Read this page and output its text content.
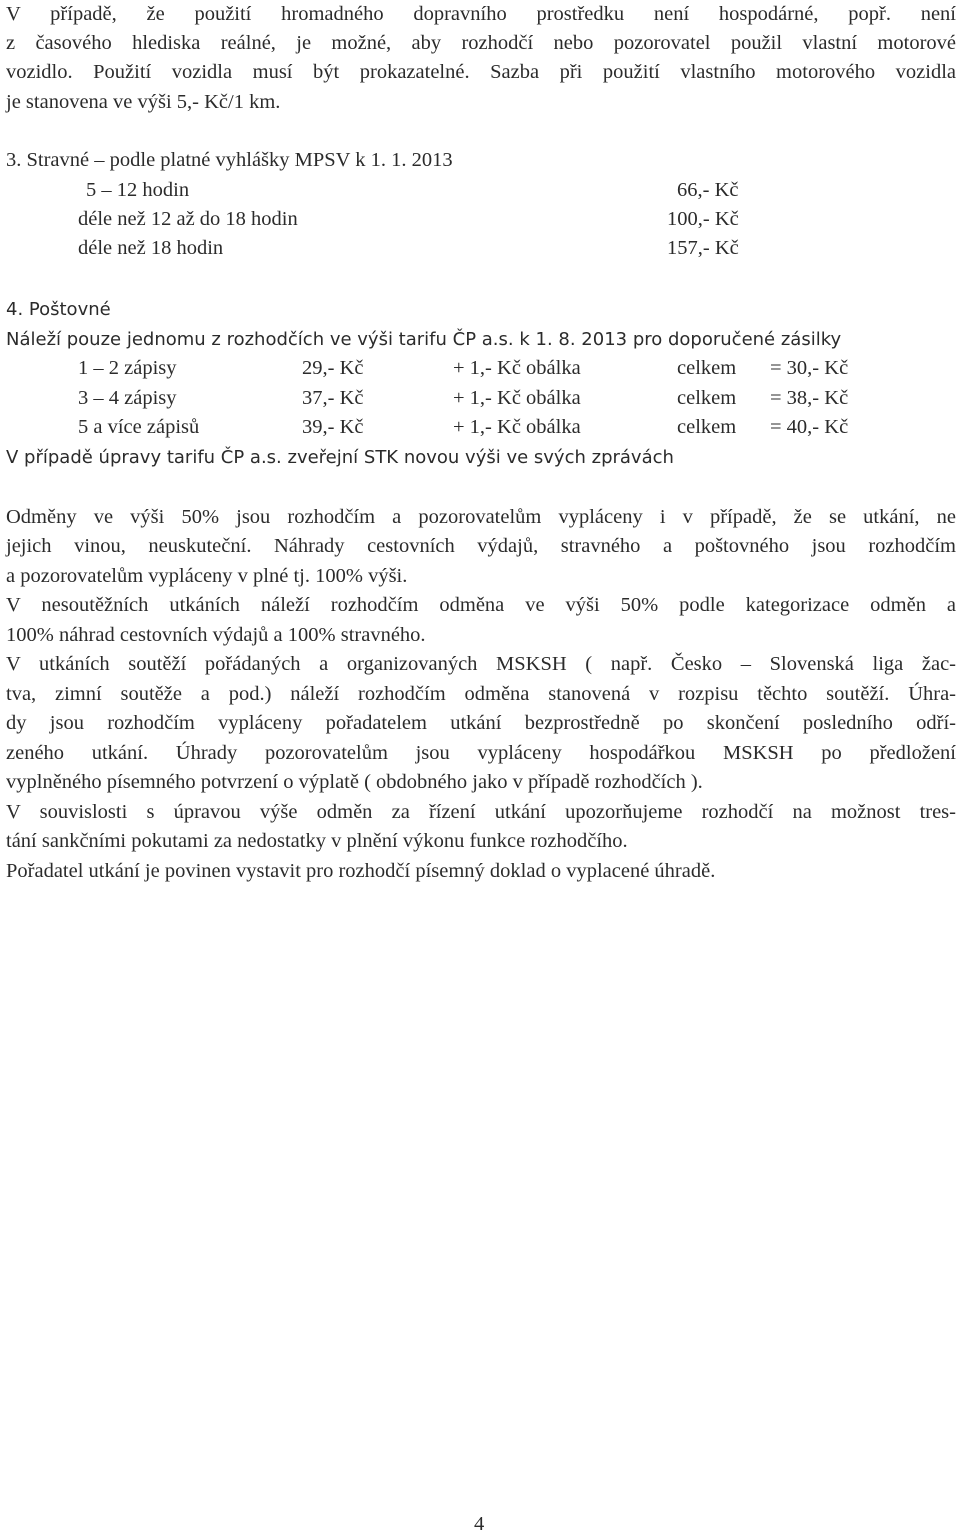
V případě, že použití hromadného dopravního prostředku není hospodárné, popř. není
z časového hlediska reálné, je možné, aby rozhodčí nebo pozorovatel použil vlastní motorové
vozidlo. Použití vozidla musí být prokazatelné. Sazba při použití vlastního motorového vozidla
je stanovena ve výši 5,- Kč/1 km.
3. Stravné – podle platné vyhlášky MPSV k 1. 1. 2013
5 – 12 hodin	66,- Kč
déle než 12 až do 18 hodin	100,- Kč
déle než 18 hodin	157,- Kč
4. Poštovné
Náleží pouze jednomu z rozhodčích ve výši tarifu ČP a.s. k 1. 8. 2013 pro doporučené zásilky
1 – 2 zápisy	29,- Kč	+ 1,- Kč obálka	celkem = 30,- Kč
3 – 4 zápisy	37,- Kč	+ 1,- Kč obálka	celkem = 38,- Kč
5 a více zápisů	39,- Kč	+ 1,- Kč obálka	celkem = 40,- Kč
V případě úpravy tarifu ČP a.s. zveřejní STK novou výši ve svých zprávách
Odměny ve výši 50% jsou rozhodčím a pozorovatelům vypláceny i v případě, že se utkání, ne
jejich vinou, neuskuteční. Náhrady cestovních výdajů, stravného a poštovného jsou rozhodčím
a pozorovatelům vypláceny v plné tj. 100% výši.
V nesoutěžních utkáních náleží rozhodčím odměna ve výši 50% podle kategorizace odměn a
100% náhrad cestovních výdajů a 100% stravného.
V utkáních soutěží pořádaných a organizovaných MSKSH ( např. Česko – Slovenská liga žac-
tva, zimní soutěže a pod.) náleží rozhodčím odměna stanovená v rozpisu těchto soutěží. Úhra-
dy jsou rozhodčím vypláceny pořadatelem utkání bezprostředně po skončení posledního odří-
zeného utkání. Úhrady pozorovatelům jsou vypláceny hospodářkou MSKSH po předložení
vyplněného písemného potvrzení o výplatě ( obdobného jako v případě rozhodčích ).
V souvislosti s úpravou výše odměn za řízení utkání upozorňujeme rozhodčí na možnost tres-
tání sankčními pokutami za nedostatky v plnění výkonu funkce rozhodčího.
Pořadatel utkání je povinen vystavit pro rozhodčí písemný doklad o vyplacené úhradě.
4
